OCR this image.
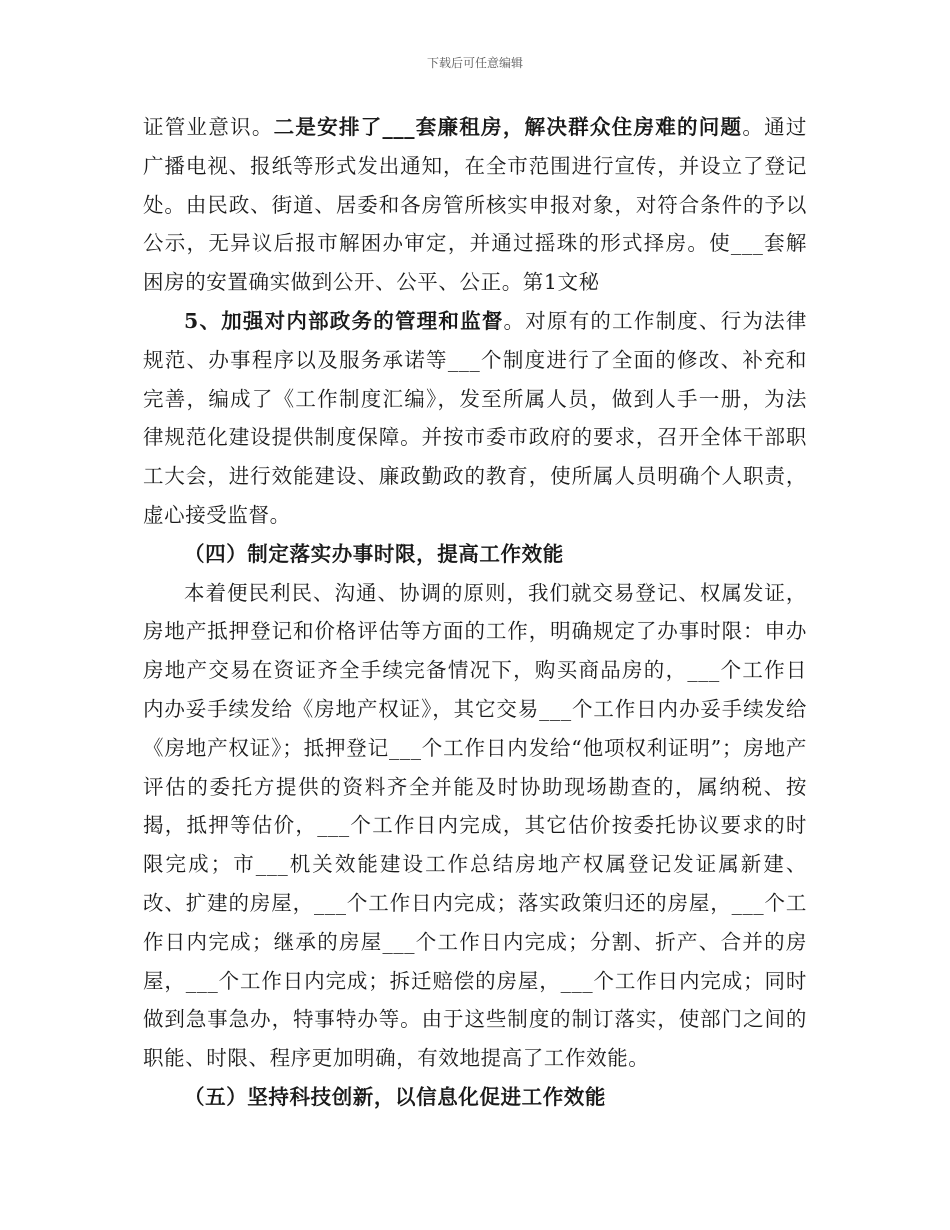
下载后可任意编辑

证管业意识。二是安排了___套廉租房，解决群众住房难的问题。通过广播电视、报纸等形式发出通知，在全市范围进行宣传，并设立了登记处。由民政、街道、居委和各房管所核实申报对象，对符合条件的予以公示，无异议后报市解困办审定，并通过摇珠的形式择房。使___套解困房的安置确实做到公开、公平、公正。第1文秘

5、加强对内部政务的管理和监督。对原有的工作制度、行为法律规范、办事程序以及服务承诺等___个制度进行了全面的修改、补充和完善，编成了《工作制度汇编》，发至所属人员，做到人手一册，为法律规范化建设提供制度保障。并按市委市政府的要求，召开全体干部职工大会，进行效能建设、廉政勤政的教育，使所属人员明确个人职责，虚心接受监督。

（四）制定落实办事时限，提高工作效能

本着便民利民、沟通、协调的原则，我们就交易登记、权属发证，房地产抵押登记和价格评估等方面的工作，明确规定了办事时限：申办房地产交易在资证齐全手续完备情况下，购买商品房的，___个工作日内办妥手续发给《房地产权证》，其它交易___个工作日内办妥手续发给《房地产权证》；抵押登记___个工作日内发给“他项权利证明”；房地产评估的委托方提供的资料齐全并能及时协助现场勘查的，属纳税、按揭，抵押等估价，___个工作日内完成，其它估价按委托协议要求的时限完成；市___机关效能建设工作总结房地产权属登记发证属新建、改、扩建的房屋，___个工作日内完成；落实政策归还的房屋，___个工作日内完成；继承的房屋___个工作日内完成；分割、折产、合并的房屋，___个工作日内完成；拆迁赔偿的房屋，___个工作日内完成；同时做到急事急办，特事特办等。由于这些制度的制订落实，使部门之间的职能、时限、程序更加明确，有效地提高了工作效能。

（五）坚持科技创新，以信息化促进工作效能
